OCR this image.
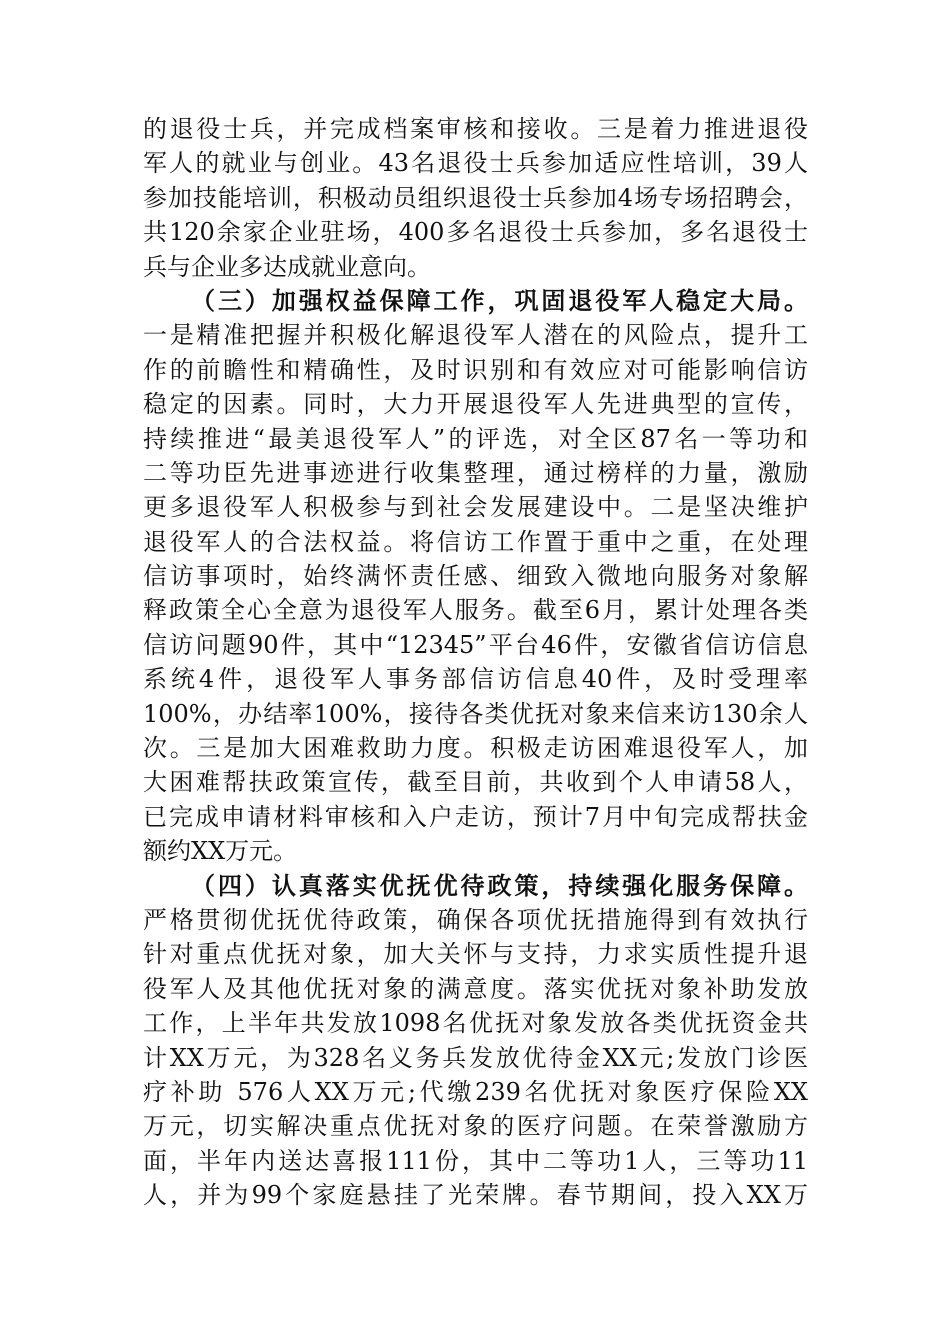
的退役士兵，并完成档案审核和接收。三是着力推进退役
军人的就业与创业。43名退役士兵参加适应性培训，39人
参加技能培训，积极动员组织退役士兵参加4场专场招聘会，
共120余家企业驻场，400多名退役士兵参加，多名退役士
兵与企业多达成就业意向。
（三）加强权益保障工作，巩固退役军人稳定大局。
一是精准把握并积极化解退役军人潜在的风险点，提升工
作的前瞻性和精确性，及时识别和有效应对可能影响信访
稳定的因素。同时，大力开展退役军人先进典型的宣传，
持续推进“最美退役军人”的评选，对全区87名一等功和
二等功臣先进事迹进行收集整理，通过榜样的力量，激励
更多退役军人积极参与到社会发展建设中。二是坚决维护
退役军人的合法权益。将信访工作置于重中之重，在处理
信访事项时，始终满怀责任感、细致入微地向服务对象解
释政策全心全意为退役军人服务。截至6月，累计处理各类
信访问题90件，其中“12345”平台46件，安徽省信访信息
系统4件，退役军人事务部信访信息40件，及时受理率
100%，办结率100%，接待各类优抚对象来信来访130余人
次。三是加大困难救助力度。积极走访困难退役军人，加
大困难帮扶政策宣传，截至目前，共收到个人申请58人，
已完成申请材料审核和入户走访，预计7月中旬完成帮扶金
额约XX万元。
（四）认真落实优抚优待政策，持续强化服务保障。
严格贯彻优抚优待政策，确保各项优抚措施得到有效执行
针对重点优抚对象，加大关怀与支持，力求实质性提升退
役军人及其他优抚对象的满意度。落实优抚对象补助发放
工作，上半年共发放1098名优抚对象发放各类优抚资金共
计XX万元，为328名义务兵发放优待金XX元;发放门诊医
疗补助 576人XX万元;代缴239名优抚对象医疗保险XX
万元，切实解决重点优抚对象的医疗问题。在荣誉激励方
面，半年内送达喜报111份，其中二等功1人，三等功11
人，并为99个家庭悬挂了光荣牌。春节期间，投入XX万
